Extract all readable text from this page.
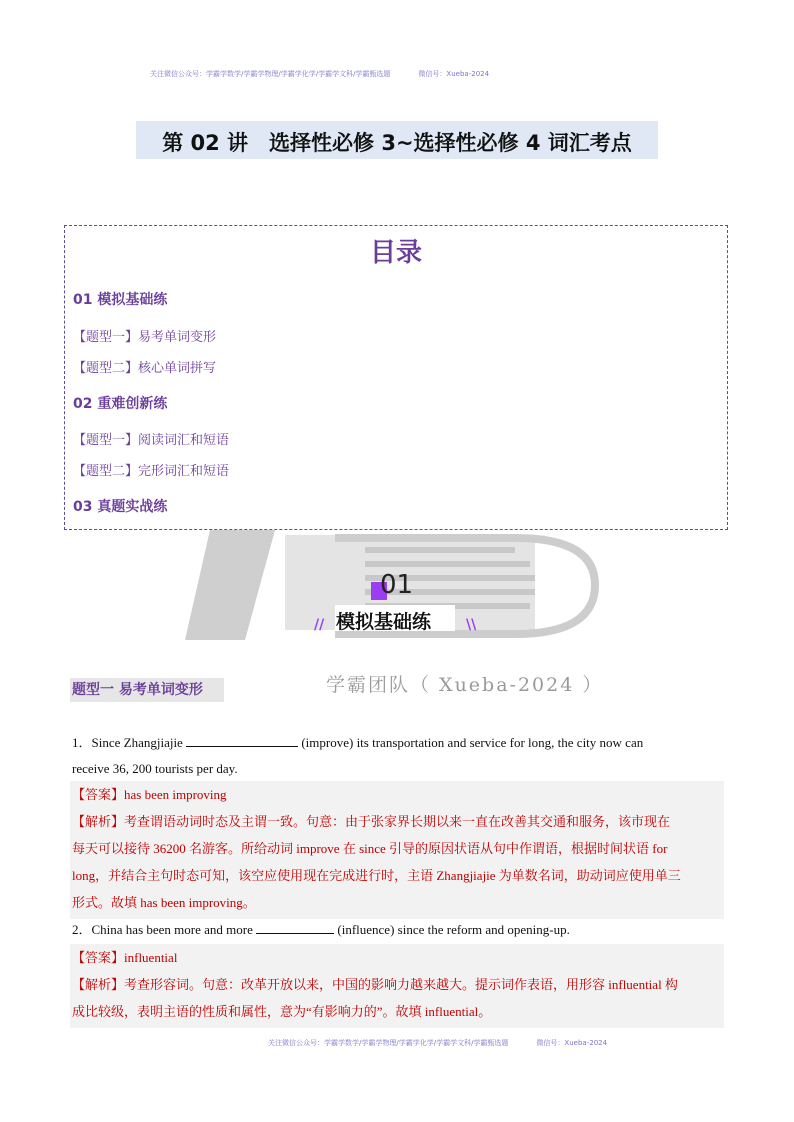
关注微信公众号：学霸学数学/学霸学物理/学霸学化学/学霸学文科/学霸甄选题	微信号：Xueba-2024
第 02 讲　选择性必修 3~选择性必修 4 词汇考点
目录
01 模拟基础练
【题型一】易考单词变形
【题型二】核心单词拼写
02 重难创新练
【题型一】阅读词汇和短语
【题型二】完形词汇和短语
03 真题实战练
01
// 模拟基础练 \\
学霸团队（ Xueba-2024 ）
题型一 易考单词变形
1．Since Zhangjiajie	(improve) its transportation and service for long, the city now can
receive 36, 200 tourists per day.
【答案】has been improving
【解析】考查谓语动词时态及主谓一致。句意：由于张家界长期以来一直在改善其交通和服务，该市现在
每天可以接待 36200 名游客。所给动词 improve 在 since 引导的原因状语从句中作谓语，根据时间状语 for
long，并结合主句时态可知，该空应使用现在完成进行时，主语 Zhangjiajie 为单数名词，助动词应使用单三
形式。故填 has been improving。
2．China has been more and more	(influence) since the reform and opening-up.
【答案】influential
【解析】考查形容词。句意：改革开放以来，中国的影响力越来越大。提示词作表语，用形容 influential 构
成比较级，表明主语的性质和属性，意为“有影响力的”。故填 influential。
关注微信公众号：学霸学数学/学霸学物理/学霸学化学/学霸学文科/学霸甄选题	微信号：Xueba-2024
